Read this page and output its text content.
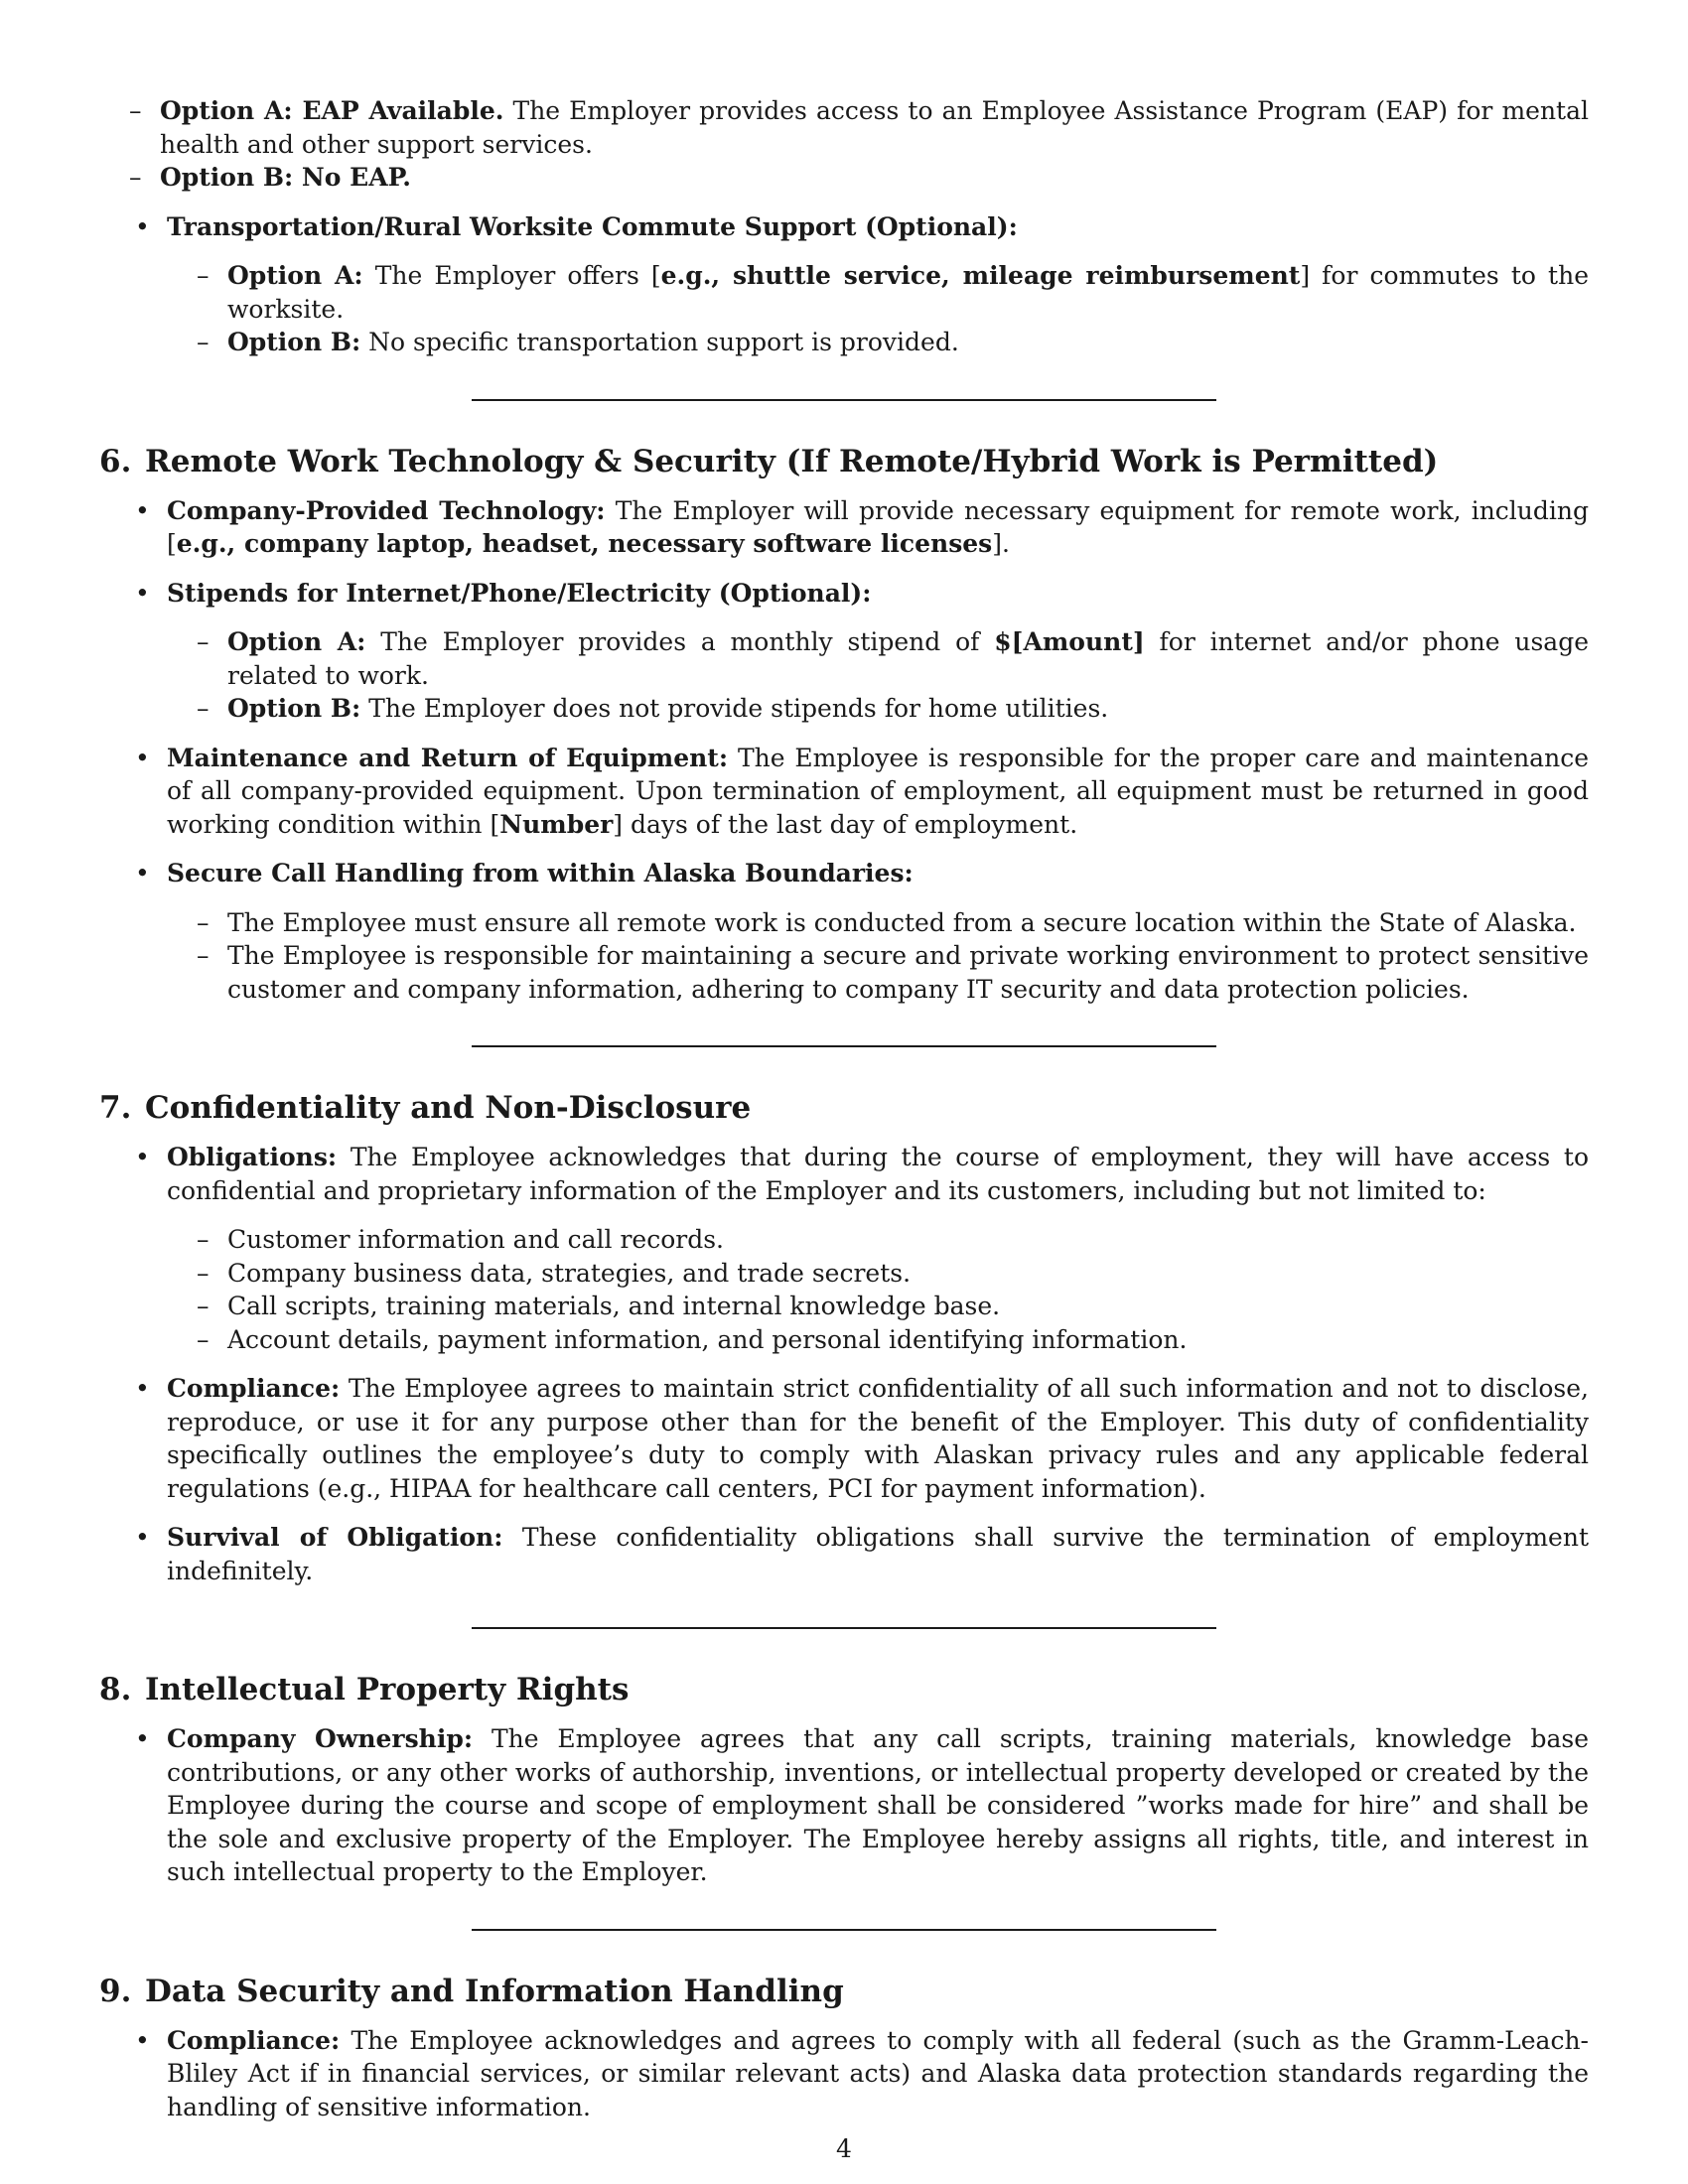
– Option A: EAP Available. The Employer provides access to an Employee Assistance Program (EAP) for mental health and other support services.
– Option B: No EAP.
• Transportation/Rural Worksite Commute Support (Optional):
– Option A: The Employer offers [e.g., shuttle service, mileage reimbursement] for commutes to the worksite.
– Option B: No specific transportation support is provided.
6. Remote Work Technology & Security (If Remote/Hybrid Work is Permitted)
• Company-Provided Technology: The Employer will provide necessary equipment for remote work, including [e.g., company laptop, headset, necessary software licenses].
• Stipends for Internet/Phone/Electricity (Optional):
– Option A: The Employer provides a monthly stipend of $[Amount] for internet and/or phone usage related to work.
– Option B: The Employer does not provide stipends for home utilities.
• Maintenance and Return of Equipment: The Employee is responsible for the proper care and maintenance of all company-provided equipment. Upon termination of employment, all equipment must be returned in good working condition within [Number] days of the last day of employment.
• Secure Call Handling from within Alaska Boundaries:
– The Employee must ensure all remote work is conducted from a secure location within the State of Alaska.
– The Employee is responsible for maintaining a secure and private working environment to protect sensitive customer and company information, adhering to company IT security and data protection policies.
7. Confidentiality and Non-Disclosure
• Obligations: The Employee acknowledges that during the course of employment, they will have access to confidential and proprietary information of the Employer and its customers, including but not limited to:
– Customer information and call records.
– Company business data, strategies, and trade secrets.
– Call scripts, training materials, and internal knowledge base.
– Account details, payment information, and personal identifying information.
• Compliance: The Employee agrees to maintain strict confidentiality of all such information and not to disclose, reproduce, or use it for any purpose other than for the benefit of the Employer. This duty of confidentiality specifically outlines the employee’s duty to comply with Alaskan privacy rules and any applicable federal regulations (e.g., HIPAA for healthcare call centers, PCI for payment information).
• Survival of Obligation: These confidentiality obligations shall survive the termination of employment indefinitely.
8. Intellectual Property Rights
• Company Ownership: The Employee agrees that any call scripts, training materials, knowledge base contributions, or any other works of authorship, inventions, or intellectual property developed or created by the Employee during the course and scope of employment shall be considered ”works made for hire” and shall be the sole and exclusive property of the Employer. The Employee hereby assigns all rights, title, and interest in such intellectual property to the Employer.
9. Data Security and Information Handling
• Compliance: The Employee acknowledges and agrees to comply with all federal (such as the Gramm-Leach-Bliley Act if in financial services, or similar relevant acts) and Alaska data protection standards regarding the handling of sensitive information.
4
